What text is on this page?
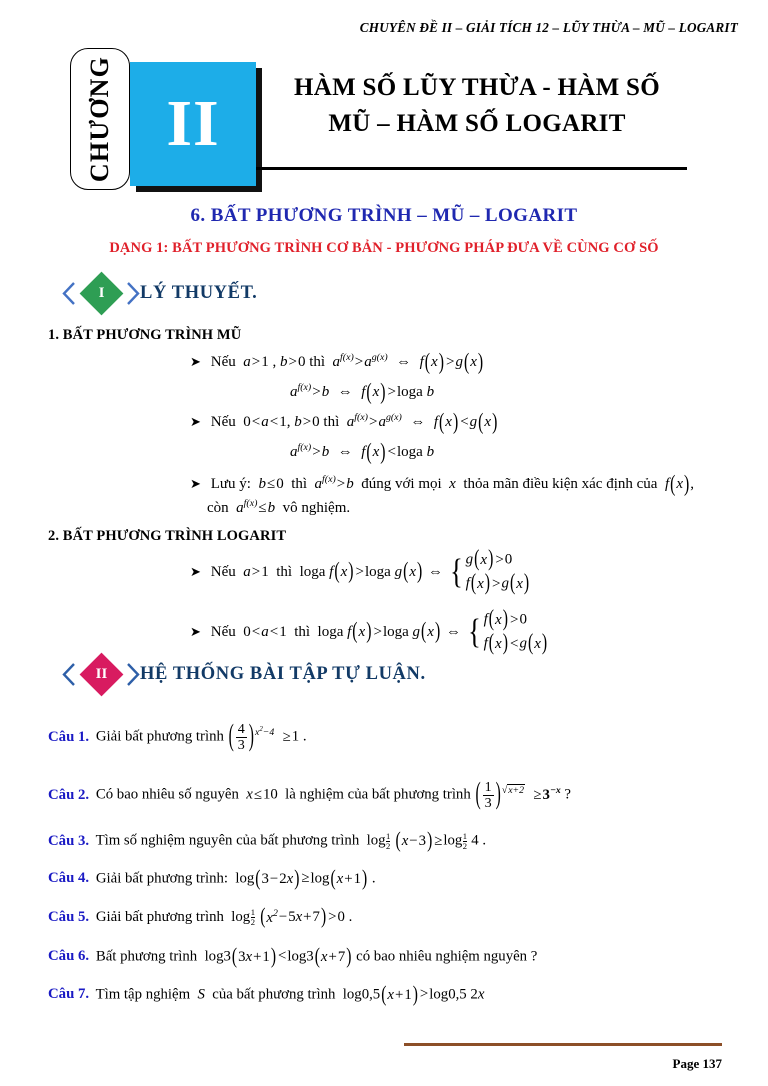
CHUYÊN ĐỀ II – GIẢI TÍCH 12 – LŨY THỪA – MŨ – LOGARIT
II
CHƯƠNG	HÀM SỐ LŨY THỪA - HÀM SỐ
MŨ – HÀM SỐ LOGARIT
6. BẤT PHƯƠNG TRÌNH – MŨ – LOGARIT
DẠNG 1: BẤT PHƯƠNG TRÌNH CƠ BẢN - PHƯƠNG PHÁP ĐƯA VỀ CÙNG CƠ SỐ
I	LÝ THUYẾT.
1. BẤT PHƯƠNG TRÌNH MŨ
➤ Nếu  a>1 , b>0 thì  $a^{f(x)}>a^{g(x)}$  ⇔  f ( x ) >g ( x )
$a^{f(x)}>b$  ⇔  f ( x ) >loga b
➤ Nếu  0<a<1, b>0 thì  $a^{f(x)}>a^{g(x)}$  ⇔  f ( x ) <g ( x )
$a^{f(x)}>b$  ⇔  f ( x ) <loga b
➤ Lưu ý:  b≤0 thì  $a^{f(x)}>b$ đúng với mọi  x  thỏa mãn điều kiện xác định của  f ( x ) ,
còn  $a^{f(x)}\le b$ vô nghiệm.
2. BẤT PHƯƠNG TRÌNH LOGARIT
➤ Nếu  a>1 thì  loga f ( x ) >loga g ( x ) ⇔ { g ( x ) >0
f ( x ) >g ( x )
➤ Nếu  0<a<1 thì  loga f ( x ) >loga g ( x ) ⇔ { f ( x ) >0
f ( x ) <g ( x )
II	HỆ THỐNG BÀI TẬP TỰ LUẬN.
Câu 1. Giải bất phương trình ( $\frac{4}{3}$ ) $^{x^2-4}$  ≥1 .
Câu 2. Có bao nhiêu số nguyên  x≤10 là nghiệm của bất phương trình ( $\frac{1}{3}$ ) $^{√x+2} \ge 3^{-x}$ ?
Câu 3. Tìm số nghiệm nguyên của bất phương trình  $\log \frac{1}{2}$
( x − 3 ) $\ge\log \frac{1}{2} 4$ .
Câu 4. Giải bất phương trình:  log ( 3 − 2 x ) ≥log ( x + 1 ) .
Câu 5. Giải bất phương trình  $\log \frac{1}{2}$
( $x^2 - 5$ x + 7 ) >0 .
Câu 6. Bất phương trình  log3 ( 3 x + 1 ) <log3 ( x + 7 ) có bao nhiêu nghiệm nguyên ?
Câu 7. Tìm tập nghiệm  S  của bất phương trình  log0,5 ( x + 1 ) >log0,5 2x
Page 137
